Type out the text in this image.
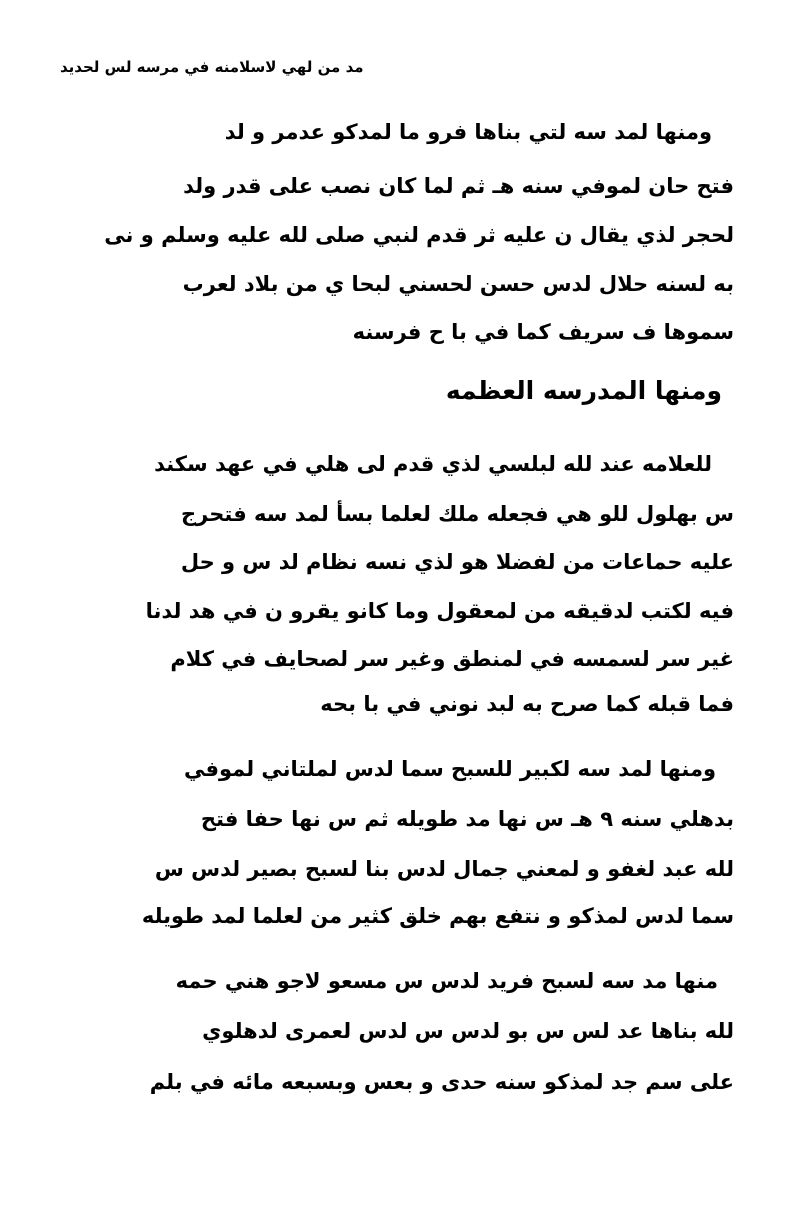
مد من لهي لاسلامنه في مرسه لس لحديد
ومنها لمد سه لتي بناها فرو ما لمدكو عدمر و لد
فتح حان لموفي سنه هـ ثم لما كان نصب على قدر ولد
لحجر لذي يقال ن عليه ثر قدم لنبي صلى لله عليه وسلم و نى
به لسنه حلال لدس حسن لحسني لبحا ي من بلاد لعرب
سموها ف سريف كما في با ح فرسنه
ومنها المدرسه العظمه
للعلامه عند لله لبلسي لذي قدم لى هلي في عهد سكند
س بهلول للو هي فجعله ملك لعلما بسأ لمد سه فتحرج
عليه حماعات من لفضلا هو لذي نسه نظام لد س و حل
فيه لكتب لدقيقه من لمعقول وما كانو يقرو ن في هد لدنا
غير سر لسمسه في لمنطق وغير سر لصحايف في كلام
فما قبله كما صرح به لبد نوني في با بحه
ومنها لمد سه لكبير للسبح سما لدس لملتاني لموفي
بدهلي سنه ٩ هـ س نها مد طويله ثم س نها حفا فتح
لله عبد لغفو و لمعني جمال لدس بنا لسبح بصير لدس س
سما لدس لمذكو و نتفع بهم خلق كثير من لعلما لمد طويله
منها مد سه لسبح فريد لدس س مسعو لاجو هني حمه
لله بناها عد لس س بو لدس س لدس لعمرى لدهلوي
على سم جد لمذكو سنه حدى و بعس وبسبعه مائه في بلم
